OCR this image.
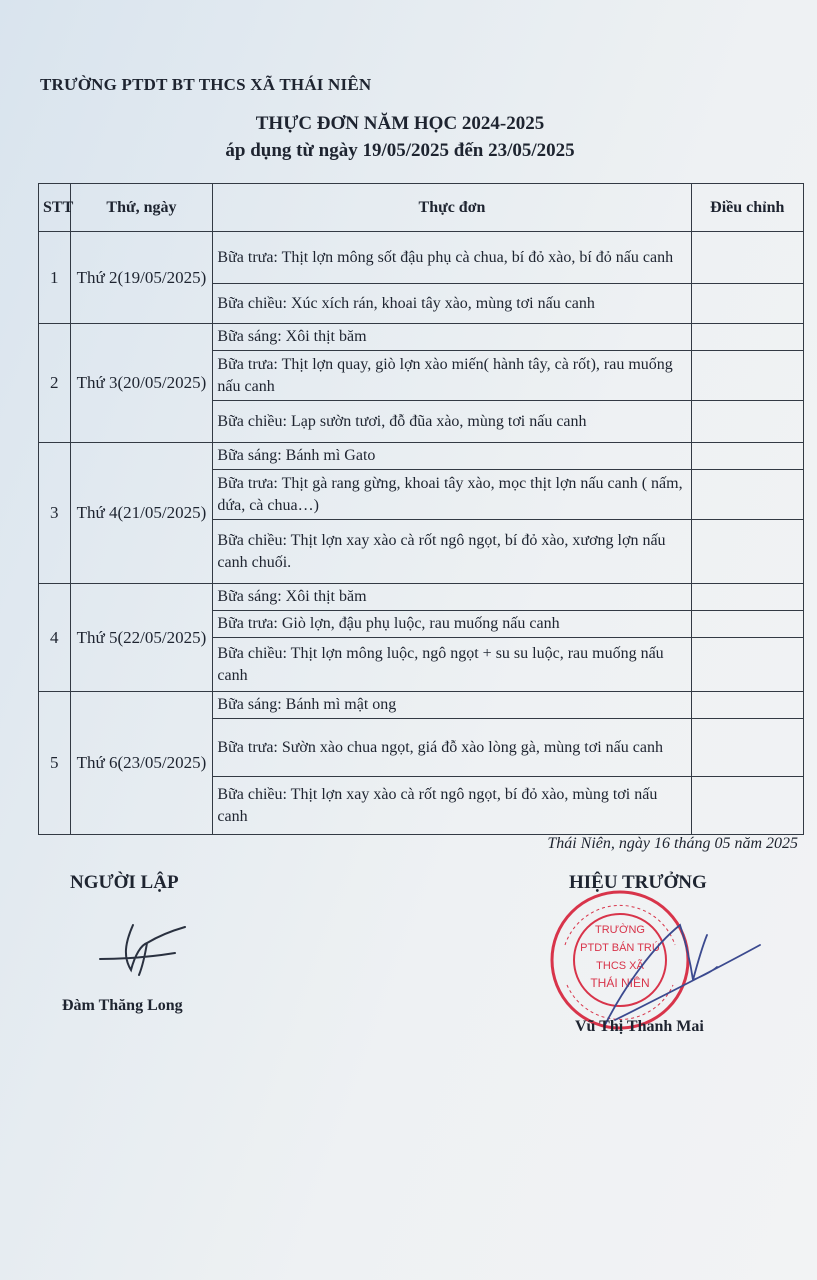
TRƯỜNG PTDT BT THCS XÃ THÁI NIÊN
THỰC ĐƠN NĂM HỌC 2024-2025
áp dụng từ ngày 19/05/2025 đến 23/05/2025
STT	Thứ, ngày	Thực đơn	Điều chỉnh
1	Thứ 2(19/05/2025)	Bữa trưa: Thịt lợn mông sốt đậu phụ cà chua, bí đỏ xào, bí đỏ nấu canh	
		Bữa chiều: Xúc xích rán, khoai tây xào, mùng tơi nấu canh	
2	Thứ 3(20/05/2025)	Bữa sáng: Xôi thịt băm	
		Bữa trưa: Thịt lợn quay, giò lợn xào miến( hành tây, cà rốt), rau muống nấu canh	
		Bữa chiều: Lạp sườn tươi, đỗ đũa xào, mùng tơi nấu canh	
3	Thứ 4(21/05/2025)	Bữa sáng: Bánh mì Gato	
		Bữa trưa: Thịt gà rang gừng, khoai tây xào, mọc thịt lợn nấu canh ( nấm, dứa, cà chua…)	
		Bữa chiều: Thịt lợn xay xào cà rốt ngô ngọt, bí đỏ xào, xương lợn nấu canh chuối.	
4	Thứ 5(22/05/2025)	Bữa sáng: Xôi thịt băm	
		Bữa trưa: Giò lợn, đậu phụ luộc, rau muống nấu canh	
		Bữa chiều: Thịt lợn mông luộc, ngô ngọt + su su luộc, rau muống nấu canh	
5	Thứ 6(23/05/2025)	Bữa sáng: Bánh mì mật ong	
		Bữa trưa: Sườn xào chua ngọt, giá đỗ xào lòng gà, mùng tơi nấu canh	
		Bữa chiều: Thịt lợn xay xào cà rốt ngô ngọt, bí đỏ xào, mùng tơi nấu canh	
Thái Niên, ngày 16 tháng 05 năm 2025
NGƯỜI LẬP
Đàm Thăng Long
HIỆU TRƯỞNG
TRƯỜNG
PTDT BÁN TRÚ
THCS XÃ
THÁI NIÊN
Vũ Thị Thanh Mai
